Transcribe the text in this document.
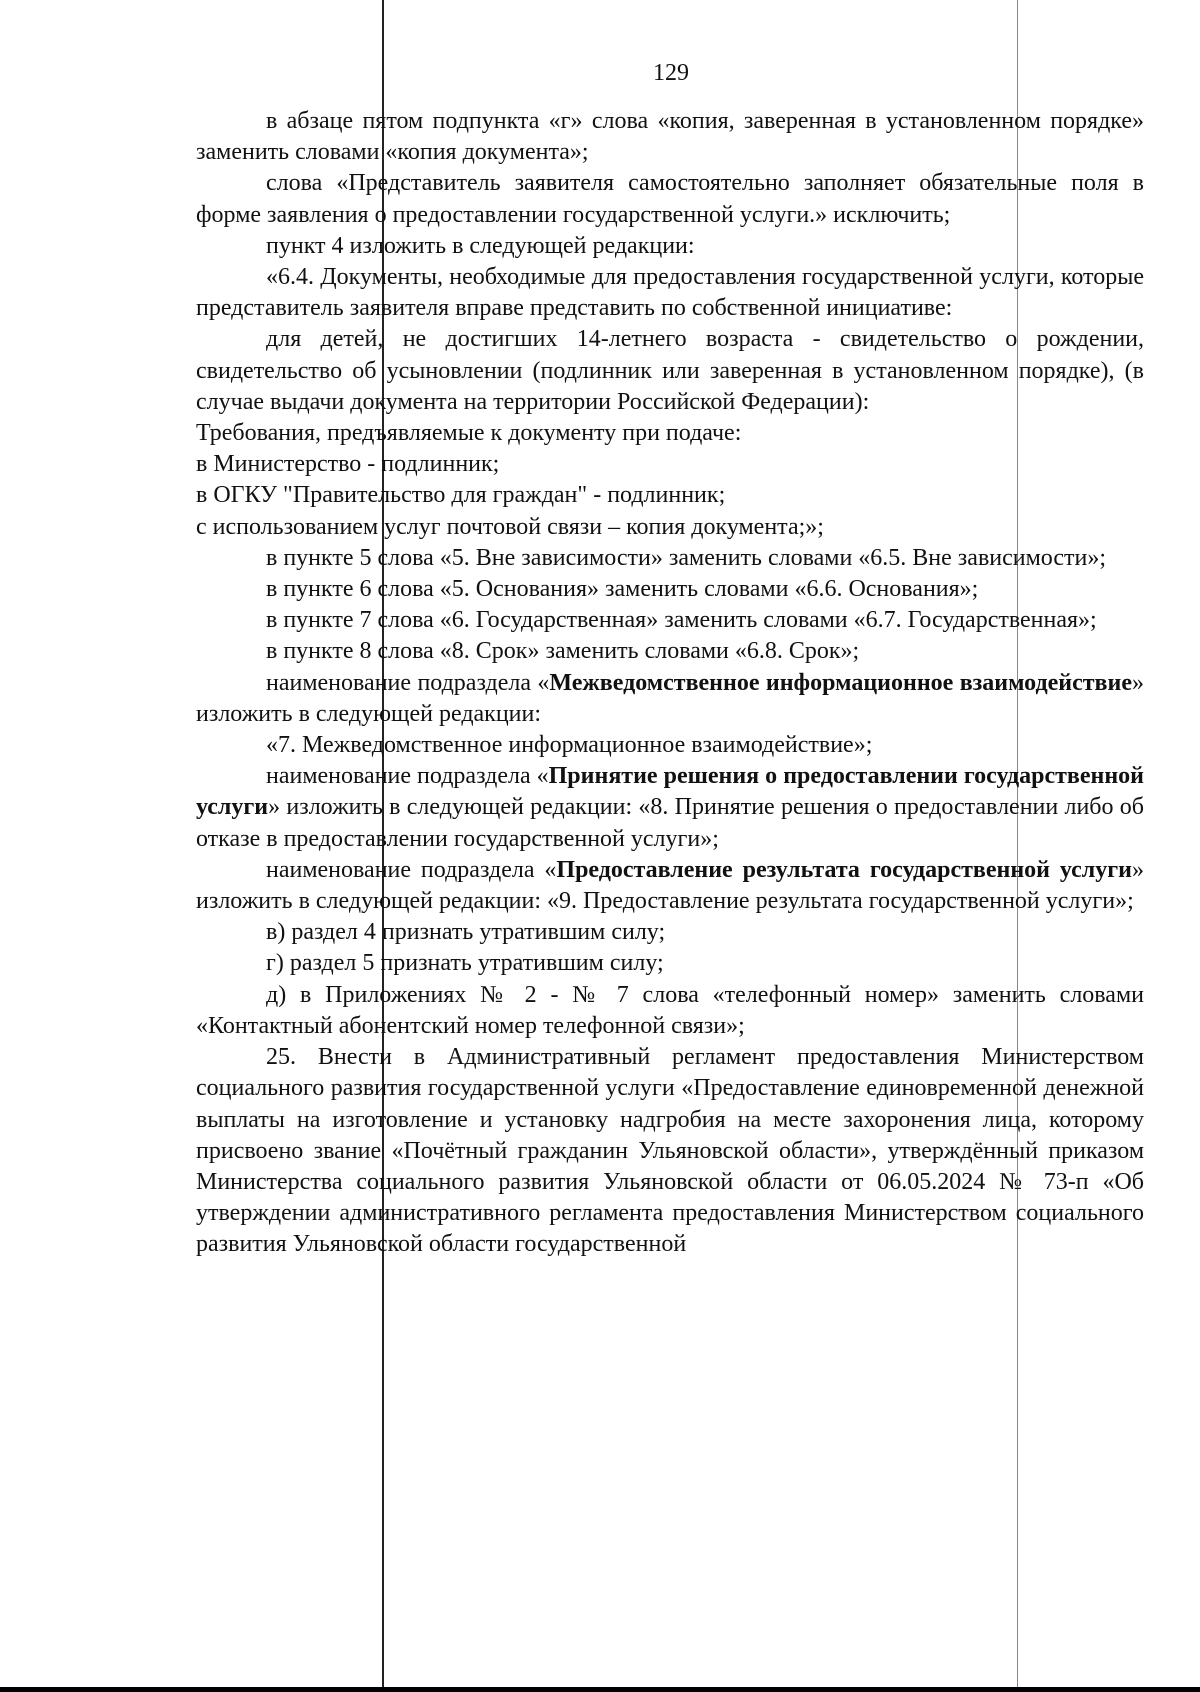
129

в абзаце пятом подпункта «г» слова «копия, заверенная в установленном порядке» заменить словами «копия документа»;

слова «Представитель заявителя самостоятельно заполняет обязательные поля в форме заявления о предоставлении государственной услуги.» исключить;

пункт 4 изложить в следующей редакции:

«6.4. Документы, необходимые для предоставления государственной услуги, которые представитель заявителя вправе представить по собственной инициативе:

для детей, не достигших 14-летнего возраста - свидетельство о рождении, свидетельство об усыновлении (подлинник или заверенная в установленном порядке), (в случае выдачи документа на территории Российской Федерации):

Требования, предъявляемые к документу при подаче:

в Министерство - подлинник;

в ОГКУ "Правительство для граждан" - подлинник;

с использованием услуг почтовой связи – копия документа;»;

в пункте 5 слова «5. Вне зависимости» заменить словами «6.5. Вне зависимости»;

в пункте 6 слова «5. Основания» заменить словами «6.6. Основания»;

в пункте 7 слова «6. Государственная» заменить словами «6.7. Государственная»;

в пункте 8 слова «8. Срок» заменить словами «6.8. Срок»;

наименование подраздела «Межведомственное информационное взаимодействие» изложить в следующей редакции:

«7. Межведомственное информационное взаимодействие»;

наименование подраздела «Принятие решения о предоставлении государственной услуги» изложить в следующей редакции: «8. Принятие решения о предоставлении либо об отказе в предоставлении государственной услуги»;

наименование подраздела «Предоставление результата государственной услуги» изложить в следующей редакции: «9. Предоставление результата государственной услуги»;

в) раздел 4 признать утратившим силу;

г) раздел 5 признать утратившим силу;

д) в Приложениях № 2 - № 7 слова «телефонный номер» заменить словами «Контактный абонентский номер телефонной связи»;

25. Внести в Административный регламент предоставления Министерством социального развития государственной услуги «Предоставление единовременной денежной выплаты на изготовление и установку надгробия на месте захоронения лица, которому присвоено звание «Почётный гражданин Ульяновской области», утверждённый приказом Министерства социального развития Ульяновской области от 06.05.2024 № 73-п «Об утверждении административного регламента предоставления Министерством социального развития Ульяновской области государственной
